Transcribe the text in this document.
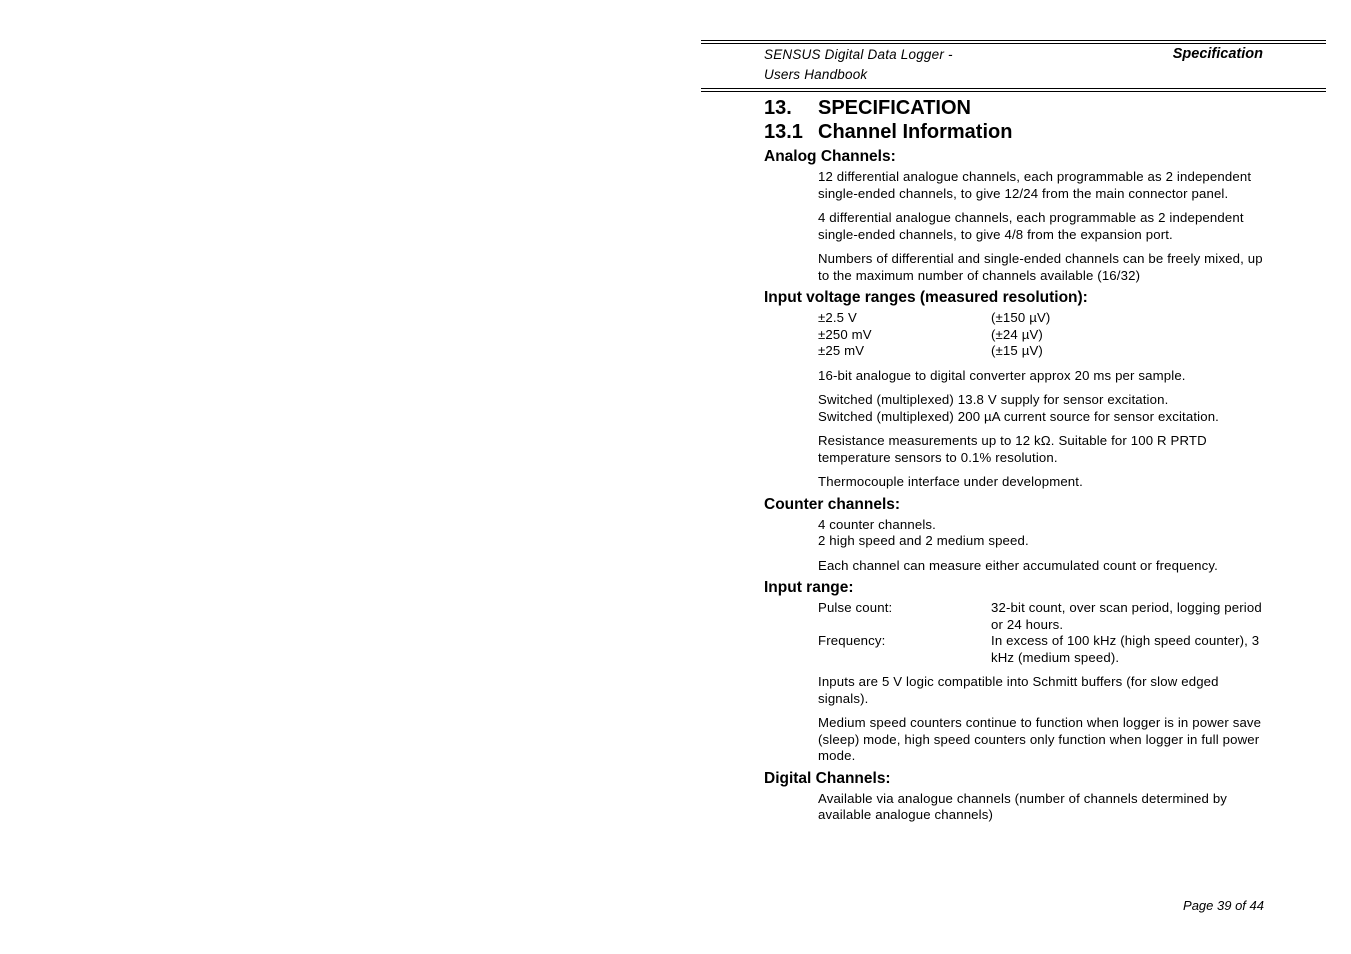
SENSUS Digital Data Logger -
Users Handbook
Specification
13.	SPECIFICATION
13.1 Channel Information
Analog Channels:

12 differential analogue channels, each programmable as 2 independent single-ended channels, to give 12/24 from the main connector panel.

4 differential analogue channels, each programmable as 2 independent single-ended channels, to give 4/8 from the expansion port.

Numbers of differential and single-ended channels can be freely mixed, up to the maximum number of channels available (16/32)

Input voltage ranges (measured resolution):
±2.5 V	(±150 µV)
±250 mV	(±24 µV)
±25 mV	(±15 µV)

16-bit analogue to digital converter approx 20 ms per sample.

Switched (multiplexed) 13.8 V supply for sensor excitation.
Switched (multiplexed) 200 µA current source for sensor excitation.

Resistance measurements up to 12 kΩ. Suitable for 100 R PRTD temperature sensors to 0.1% resolution.

Thermocouple interface under development.

Counter channels:
4 counter channels.
2 high speed and 2 medium speed.

Each channel can measure either accumulated count or frequency.

Input range:
Pulse count:	32-bit count, over scan period, logging period or 24 hours.
Frequency:	In excess of 100 kHz (high speed counter), 3 kHz (medium speed).

Inputs are 5 V logic compatible into Schmitt buffers (for slow edged signals).

Medium speed counters continue to function when logger is in power save (sleep) mode, high speed counters only function when logger in full power mode.

Digital Channels:

Available via analogue channels (number of channels determined by available analogue channels)

Page 39 of 44
